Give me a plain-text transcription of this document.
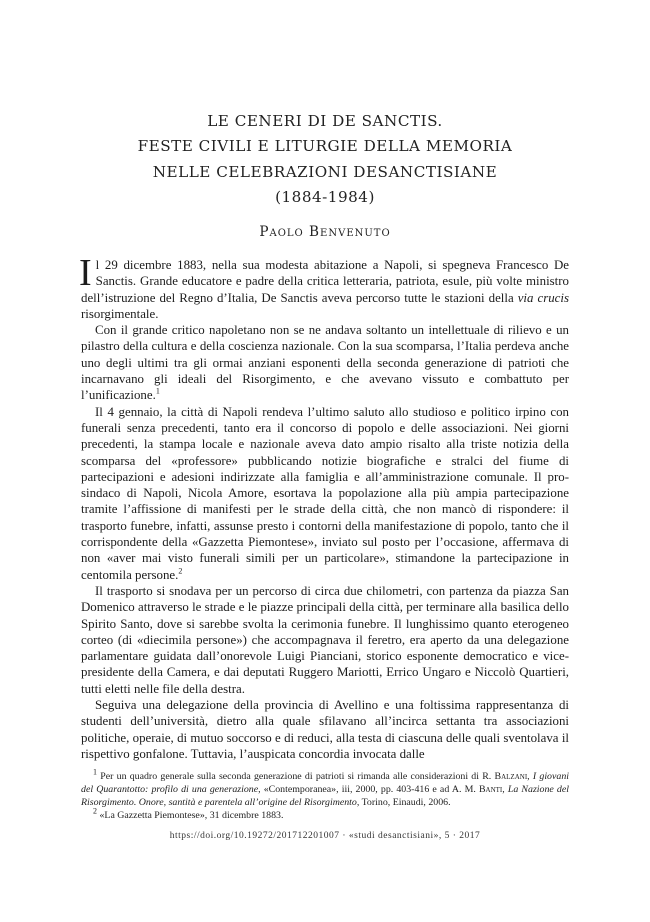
LE CENERI DI DE SANCTIS.
FESTE CIVILI E LITURGIE DELLA MEMORIA
NELLE CELEBRAZIONI DESANCTISIANE
(1884-1984)
Paolo Benvenuto

Il 29 dicembre 1883, nella sua modesta abitazione a Napoli, si spegneva Francesco De Sanctis. Grande educatore e padre della critica letteraria, patriota, esule, più volte ministro dell’istruzione del Regno d’Italia, De Sanctis aveva percorso tutte le stazioni della via crucis risorgimentale.

Con il grande critico napoletano non se ne andava soltanto un intellettuale di rilievo e un pilastro della cultura e della coscienza nazionale. Con la sua scomparsa, l’Italia perdeva anche uno degli ultimi tra gli ormai anziani esponenti della seconda generazione di patrioti che incarnavano gli ideali del Risorgimento, e che avevano vissuto e combattuto per l’unificazione.$^1$

Il 4 gennaio, la città di Napoli rendeva l’ultimo saluto allo studioso e politico irpino con funerali senza precedenti, tanto era il concorso di popolo e delle associazioni. Nei giorni precedenti, la stampa locale e nazionale aveva dato ampio risalto alla triste notizia della scomparsa del «professore» pubblicando notizie biografiche e stralci del fiume di partecipazioni e adesioni indirizzate alla famiglia e all’amministrazione comunale. Il pro-sindaco di Napoli, Nicola Amore, esortava la popolazione alla più ampia partecipazione tramite l’affissione di manifesti per le strade della città, che non mancò di rispondere: il trasporto funebre, infatti, assunse presto i contorni della manifestazione di popolo, tanto che il corrispondente della «Gazzetta Piemontese», inviato sul posto per l’occasione, affermava di non «aver mai visto funerali simili per un particolare», stimandone la partecipazione in centomila persone.$^2$

Il trasporto si snodava per un percorso di circa due chilometri, con partenza da piazza San Domenico attraverso le strade e le piazze principali della città, per terminare alla basilica dello Spirito Santo, dove si sarebbe svolta la cerimonia funebre. Il lunghissimo quanto eterogeneo corteo (di «diecimila persone») che accompagnava il feretro, era aperto da una delegazione parlamentare guidata dall’onorevole Luigi Pianciani, storico esponente democratico e vice-presidente della Camera, e dai deputati Ruggero Mariotti, Errico Ungaro e Niccolò Quartieri, tutti eletti nelle file della destra.

Seguiva una delegazione della provincia di Avellino e una foltissima rappresentanza di studenti dell’università, dietro alla quale sfilavano all’incirca settanta tra associazioni politiche, operaie, di mutuo soccorso e di reduci, alla testa di ciascuna delle quali sventolava il rispettivo gonfalone. Tuttavia, l’auspicata concordia invocata dalle

$^1$ Per un quadro generale sulla seconda generazione di patrioti si rimanda alle considerazioni di R. Balzani, I giovani del Quarantotto: profilo di una generazione, «Contemporanea», iii, 2000, pp. 403-416 e ad A. M. Banti, La Nazione del Risorgimento. Onore, santità e parentela all’origine del Risorgimento, Torino, Einaudi, 2006.

$^2$ «La Gazzetta Piemontese», 31 dicembre 1883.

https://doi.org/10.19272/201712201007 · «studi desanctisiani», 5 · 2017
